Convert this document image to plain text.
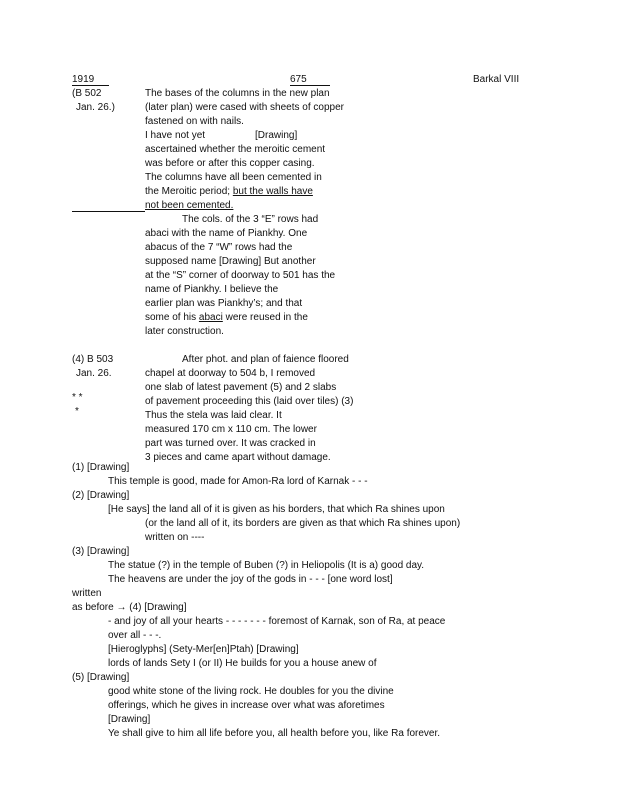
1919	675	Barkal VIII
(B 502
Jan. 26.)
The bases of the columns in the new plan
(later plan) were cased with sheets of copper
fastened on with nails.
I have not yet	[Drawing]
ascertained whether the meroitic cement
was before or after this copper casing.
The columns have all been cemented in
the Meroitic period; but the walls have
not been cemented.
The cols. of the 3 “E” rows had
abaci with the name of Piankhy. One
abacus of the 7 “W” rows had the
supposed name [Drawing] But another
at the “S” corner of doorway to 501 has the
name of Piankhy. I believe the
earlier plan was Piankhy’s; and that
some of his abaci were reused in the
later construction.
(4) B 503
Jan. 26.
* *
*
After phot. and plan of faience floored
chapel at doorway to 504 b, I removed
one slab of latest pavement (5) and 2 slabs
of pavement proceeding this (laid over tiles) (3)
Thus the stela was laid clear. It
measured 170 cm x 110 cm. The lower
part was turned over. It was cracked in
3 pieces and came apart without damage.
(1) [Drawing]
This temple is good, made for Amon-Ra lord of Karnak - - -
(2) [Drawing]
[He says] the land all of it is given as his borders, that which Ra shines upon
(or the land all of it, its borders are given as that which Ra shines upon)
written on ----
(3) [Drawing]
The statue (?) in the temple of Buben (?) in Heliopolis (It is a) good day.
The heavens are under the joy of the gods in - - - [one word lost]
written
as before → (4) [Drawing]
- and joy of all your hearts - - - - - - - foremost of Karnak, son of Ra, at peace
over all - - -.
[Hieroglyphs] (Sety-Mer[en]Ptah) [Drawing]
lords of lands Sety I (or II) He builds for you a house anew of
(5) [Drawing]
good white stone of the living rock. He doubles for you the divine
offerings, which he gives in increase over what was aforetimes
[Drawing]
Ye shall give to him all life before you, all health before you, like Ra forever.
